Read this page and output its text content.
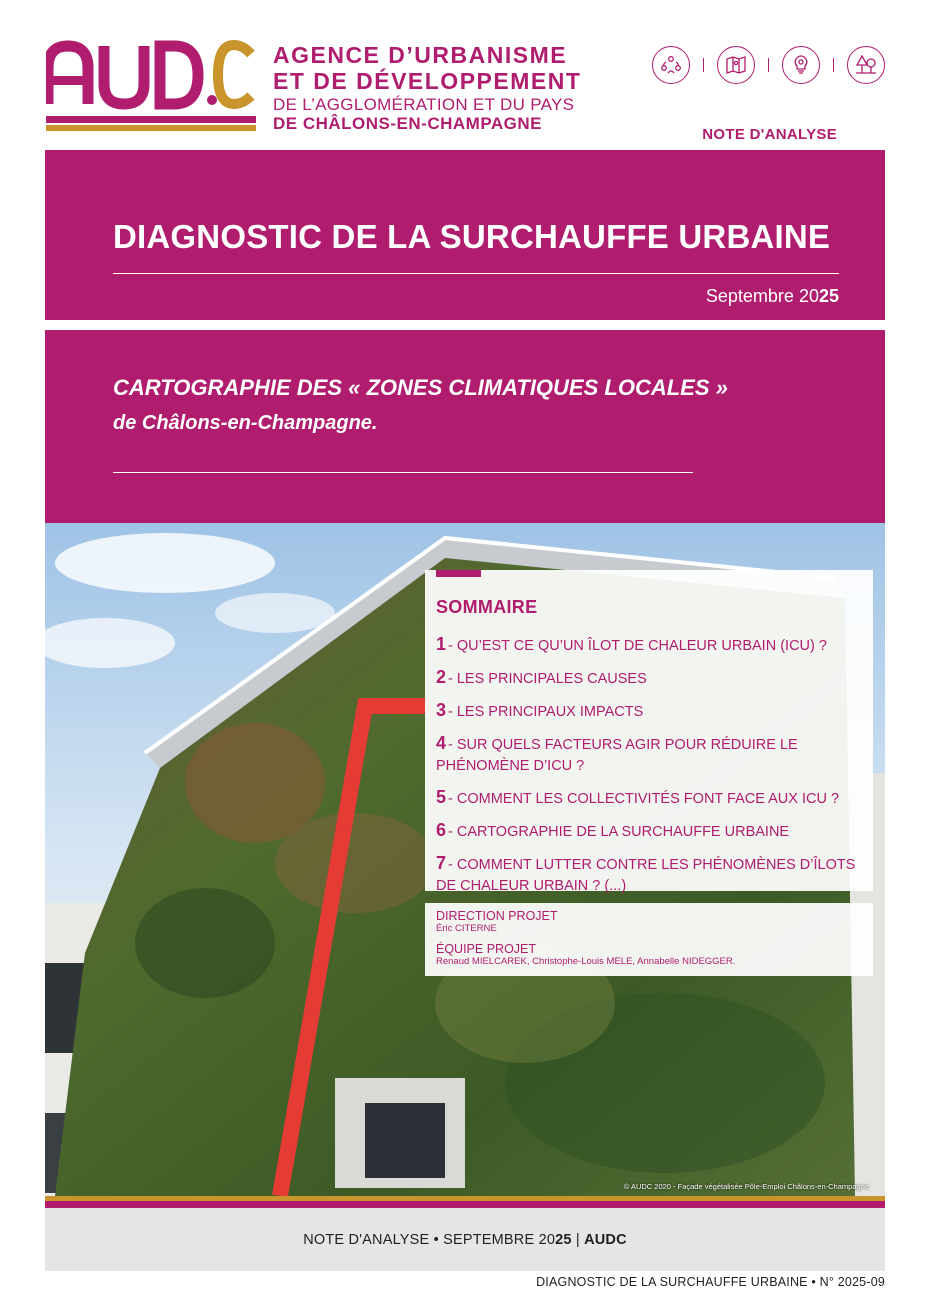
AGENCE D’URBANISME
ET DE DÉVELOPPEMENT
DE L’AGGLOMÉRATION ET DU PAYS
DE CHÂLONS-EN-CHAMPAGNE
NOTE D'ANALYSE
DIAGNOSTIC DE LA SURCHAUFFE URBAINE
Septembre 2025
CARTOGRAPHIE DES « ZONES CLIMATIQUES LOCALES »
de Châlons-en-Champagne.
© AUDC 2020 - Façade végétalisée Pôle-Emploi Châlons-en-Champagne
SOMMAIRE
1 - QU’EST CE QU’UN ÎLOT DE CHALEUR URBAIN (ICU) ?
2 - LES PRINCIPALES CAUSES
3 - LES PRINCIPAUX IMPACTS
4 - SUR QUELS FACTEURS AGIR POUR RÉDUIRE LE PHÉNOMÈNE D’ICU ?
5 - COMMENT LES COLLECTIVITÉS FONT FACE AUX ICU ?
6 - CARTOGRAPHIE DE LA SURCHAUFFE URBAINE
7 - COMMENT LUTTER CONTRE LES PHÉNOMÈNES D’ÎLOTS DE CHALEUR URBAIN ? (...)
DIRECTION PROJET
Éric CITERNE
ÉQUIPE PROJET
Renaud MIELCAREK, Christophe-Louis MELE, Annabelle NIDEGGER.
NOTE D'ANALYSE • SEPTEMBRE 20 25 | AUDC
DIAGNOSTIC DE LA SURCHAUFFE URBAINE • N° 2025-09
